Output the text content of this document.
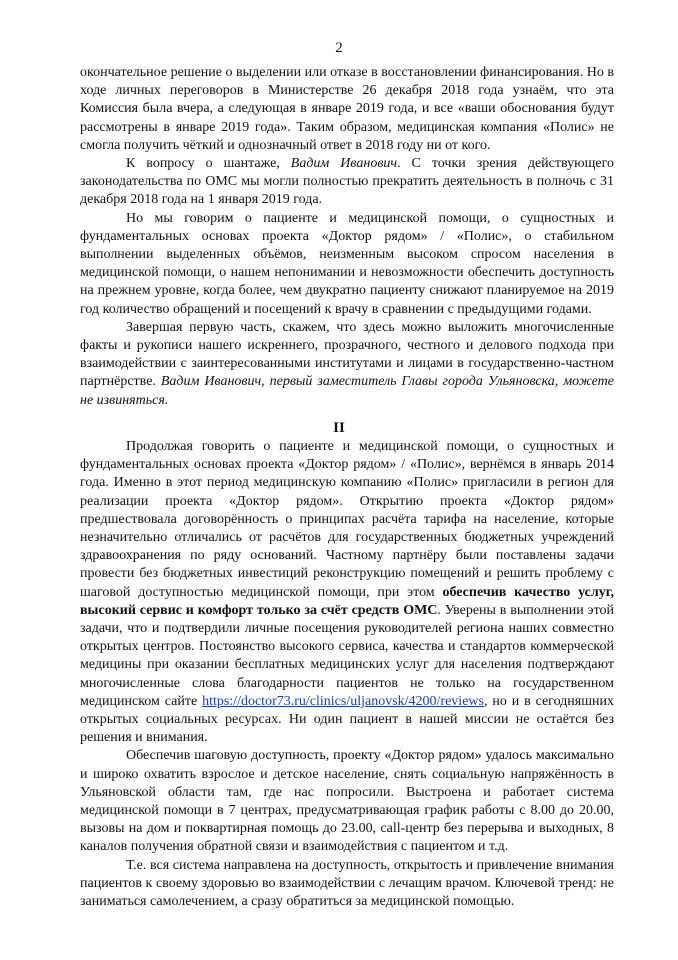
2

окончательное решение о выделении или отказе в восстановлении финансирования. Но в ходе личных переговоров в Министерстве 26 декабря 2018 года узнаём, что эта Комиссия была вчера, а следующая в январе 2019 года, и все «ваши обоснования будут рассмотрены в январе 2019 года». Таким образом, медицинская компания «Полис» не смогла получить чёткий и однозначный ответ в 2018 году ни от кого.

К вопросу о шантаже, Вадим Иванович. С точки зрения действующего законодательства по ОМС мы могли полностью прекратить деятельность в полночь с 31 декабря 2018 года на 1 января 2019 года.

Но мы говорим о пациенте и медицинской помощи, о сущностных и фундаментальных основах проекта «Доктор рядом» / «Полис», о стабильном выполнении выделенных объёмов, неизменным высоком спросом населения в медицинской помощи, о нашем непонимании и невозможности обеспечить доступность на прежнем уровне, когда более, чем двукратно пациенту снижают планируемое на 2019 год количество обращений и посещений к врачу в сравнении с предыдущими годами.

Завершая первую часть, скажем, что здесь можно выложить многочисленные факты и рукописи нашего искреннего, прозрачного, честного и делового подхода при взаимодействии с заинтересованными институтами и лицами в государственно-частном партнёрстве. Вадим Иванович, первый заместитель Главы города Ульяновска, можете не извиняться.

II

Продолжая говорить о пациенте и медицинской помощи, о сущностных и фундаментальных основах проекта «Доктор рядом» / «Полис», вернёмся в январь 2014 года. Именно в этот период медицинскую компанию «Полис» пригласили в регион для реализации проекта «Доктор рядом». Открытию проекта «Доктор рядом» предшествовала договорённость о принципах расчёта тарифа на население, которые незначительно отличались от расчётов для государственных бюджетных учреждений здравоохранения по ряду оснований. Частному партнёру были поставлены задачи провести без бюджетных инвестиций реконструкцию помещений и решить проблему с шаговой доступностью медицинской помощи, при этом обеспечив качество услуг, высокий сервис и комфорт только за счёт средств ОМС. Уверены в выполнении этой задачи, что и подтвердили личные посещения руководителей региона наших совместно открытых центров. Постоянство высокого сервиса, качества и стандартов коммерческой медицины при оказании бесплатных медицинских услуг для населения подтверждают многочисленные слова благодарности пациентов не только на государственном медицинском сайте https://doctor73.ru/clinics/uljanovsk/4200/reviews, но и в сегодняшних открытых социальных ресурсах. Ни один пациент в нашей миссии не остаётся без решения и внимания.

Обеспечив шаговую доступность, проекту «Доктор рядом» удалось максимально и широко охватить взрослое и детское население, снять социальную напряжённость в Ульяновской области там, где нас попросили. Выстроена и работает система медицинской помощи в 7 центрах, предусматривающая график работы с 8.00 до 20.00, вызовы на дом и поквартирная помощь до 23.00, call-центр без перерыва и выходных, 8 каналов получения обратной связи и взаимодействия с пациентом и т.д.

Т.е. вся система направлена на доступность, открытость и привлечение внимания пациентов к своему здоровью во взаимодействии с лечащим врачом. Ключевой тренд: не заниматься самолечением, а сразу обратиться за медицинской помощью.
